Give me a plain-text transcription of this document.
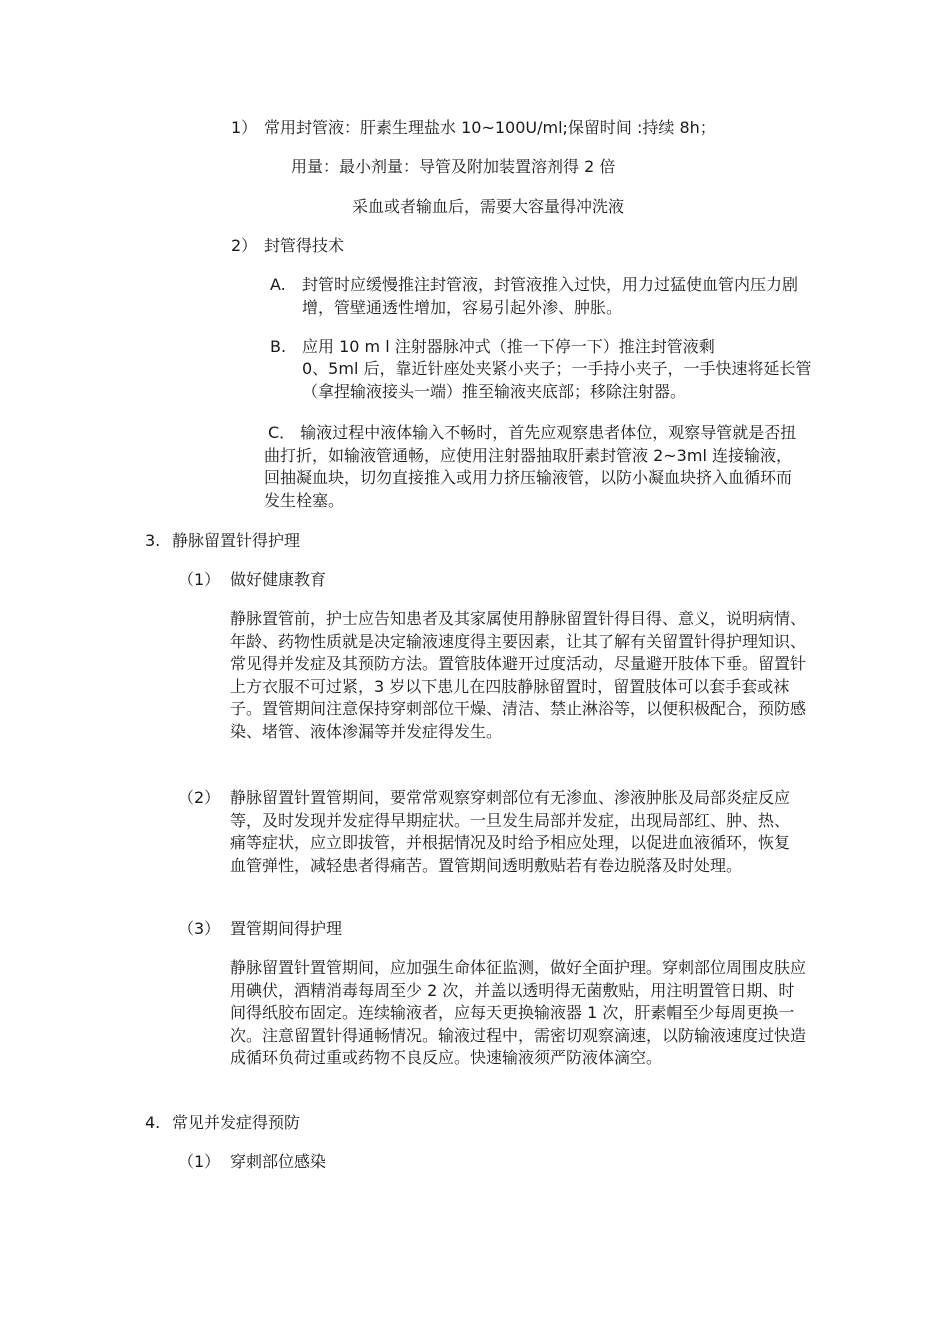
1） 常用封管液：肝素生理盐水 10~100U/ml;保留时间 :持续 8h；
用量：最小剂量：导管及附加装置溶剂得 2 倍
采血或者输血后，需要大容量得冲洗液
2） 封管得技术
A. 封管时应缓慢推注封管液，封管液推入过快，用力过猛使血管内压力剧增，管壁通透性增加，容易引起外渗、肿胀。
B. 应用 10 m l 注射器脉冲式（推一下停一下）推注封管液剩
0、5ml 后，靠近针座处夹紧小夹子；一手持小夹子，一手快速将延长管（拿捏输液接头一端）推至输液夹底部；移除注射器。
C． 输液过程中液体输入不畅时，首先应观察患者体位，观察导管就是否扭曲打折，如输液管通畅，应使用注射器抽取肝素封管液 2~3ml 连接输液，回抽凝血块，切勿直接推入或用力挤压输液管，以防小凝血块挤入血循环而发生栓塞。
3. 静脉留置针得护理
（1） 做好健康教育
静脉置管前，护士应告知患者及其家属使用静脉留置针得目得、意义，说明病情、年龄、药物性质就是决定输液速度得主要因素，让其了解有关留置针得护理知识、常见得并发症及其预防方法。置管肢体避开过度活动，尽量避开肢体下垂。留置针上方衣服不可过紧，3 岁以下患儿在四肢静脉留置时，留置肢体可以套手套或袜子。置管期间注意保持穿刺部位干燥、清洁、禁止淋浴等，以便积极配合，预防感染、堵管、液体渗漏等并发症得发生。
（2） 静脉留置针置管期间，要常常观察穿刺部位有无渗血、渗液肿胀及局部炎症反应等，及时发现并发症得早期症状。一旦发生局部并发症，出现局部红、肿、热、痛等症状，应立即拔管，并根据情况及时给予相应处理，以促进血液循环，恢复血管弹性，减轻患者得痛苦。置管期间透明敷贴若有卷边脱落及时处理。
（3） 置管期间得护理
静脉留置针置管期间，应加强生命体征监测，做好全面护理。穿刺部位周围皮肤应用碘伏，酒精消毒每周至少 2 次，并盖以透明得无菌敷贴，用注明置管日期、时间得纸胶布固定。连续输液者，应每天更换输液器 1 次，肝素帽至少每周更换一次。注意留置针得通畅情况。输液过程中，需密切观察滴速，以防输液速度过快造成循环负荷过重或药物不良反应。快速输液须严防液体滴空。
4. 常见并发症得预防
（1） 穿刺部位感染
